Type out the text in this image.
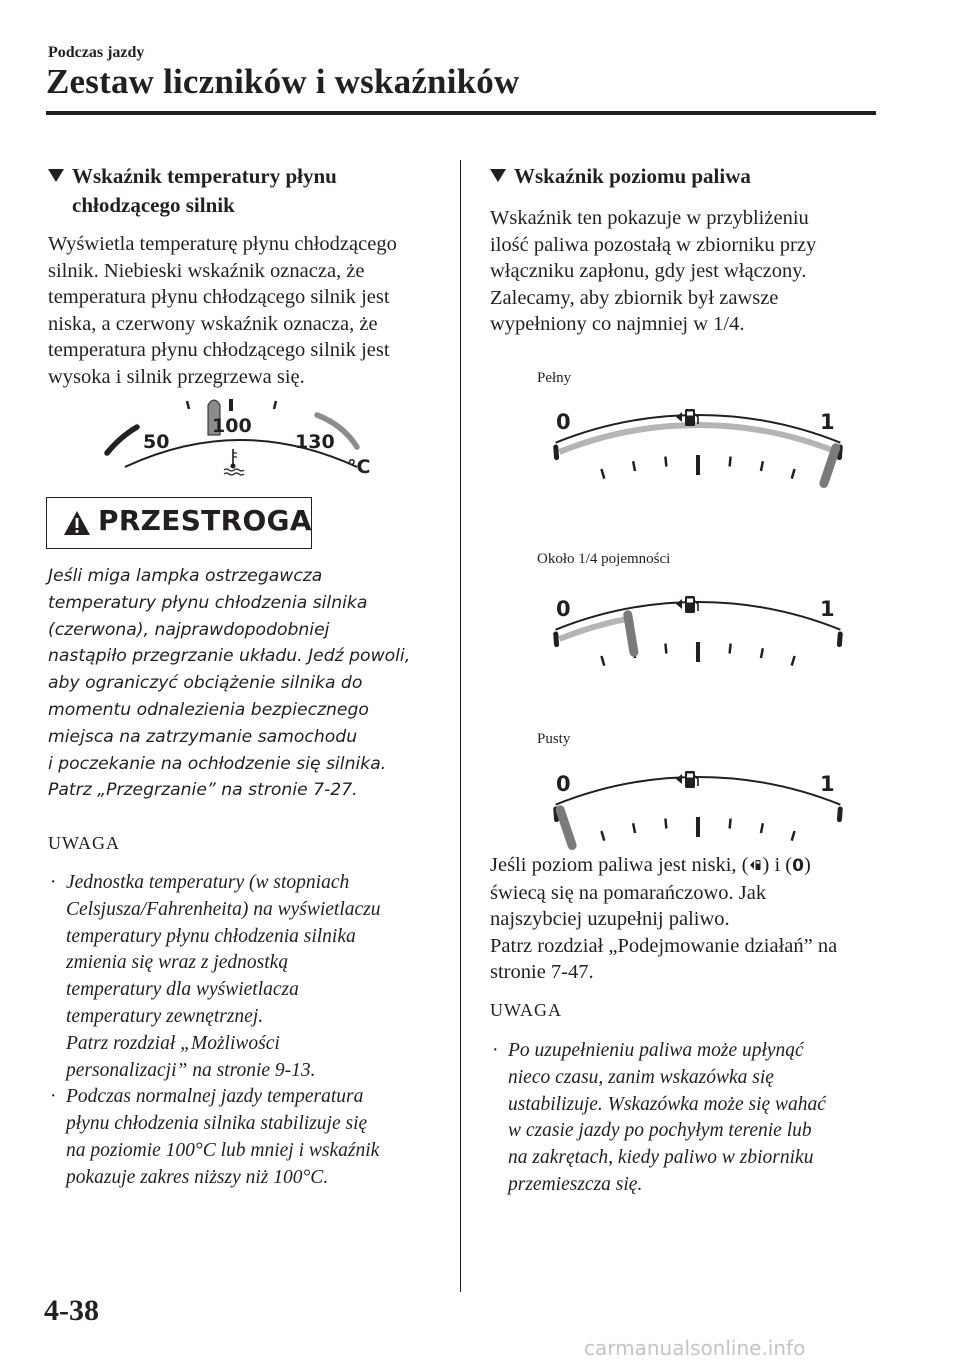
Podczas jazdy
Zestaw liczników i wskaźników
Wskaźnik temperatury płynu
chłodzącego silnik

Wyświetla temperaturę płynu chłodzącego

silnik. Niebieski wskaźnik oznacza, że

temperatura płynu chłodzącego silnik jest

niska, a czerwony wskaźnik oznacza, że

temperatura płynu chłodzącego silnik jest

wysoka i silnik przegrzewa się.

50
100
130
°C
PRZESTROGA

Jeśli miga lampka ostrzegawcza

temperatury płynu chłodzenia silnika

(czerwona), najprawdopodobniej

nastąpiło przegrzanie układu. Jedź powoli,

aby ograniczyć obciążenie silnika do

momentu odnalezienia bezpiecznego

miejsca na zatrzymanie samochodu

i poczekanie na ochłodzenie się silnika.

Patrz „Przegrzanie” na stronie 7-27.

UWAGA
· Jednostka temperatury (w stopniach
Celsjusza/Fahrenheita) na wyświetlaczu
temperatury płynu chłodzenia silnika
zmienia się wraz z jednostką
temperatury dla wyświetlacza
temperatury zewnętrznej.
Patrz rozdział „Możliwości
personalizacji” na stronie 9-13.
· Podczas normalnej jazdy temperatura
płynu chłodzenia silnika stabilizuje się
na poziomie 100°C lub mniej i wskaźnik
pokazuje zakres niższy niż 100°C.
Wskaźnik poziomu paliwa

Wskaźnik ten pokazuje w przybliżeniu

ilość paliwa pozostałą w zbiorniku przy

włączniku zapłonu, gdy jest włączony.

Zalecamy, aby zbiornik był zawsze

wypełniony co najmniej w 1/4.

Pełny
Około 1/4 pojemności
Pusty
0	1
0	1
0	1

Jeśli poziom paliwa jest niski, ( ) i (0)

świecą się na pomarańczowo. Jak

najszybciej uzupełnij paliwo.

Patrz rozdział „Podejmowanie działań” na

stronie 7-47.

UWAGA
· Po uzupełnieniu paliwa może upłynąć
nieco czasu, zanim wskazówka się
ustabilizuje. Wskazówka może się wahać
w czasie jazdy po pochyłym terenie lub
na zakrętach, kiedy paliwo w zbiorniku
przemieszcza się.
4-38
carmanualsonline.info
